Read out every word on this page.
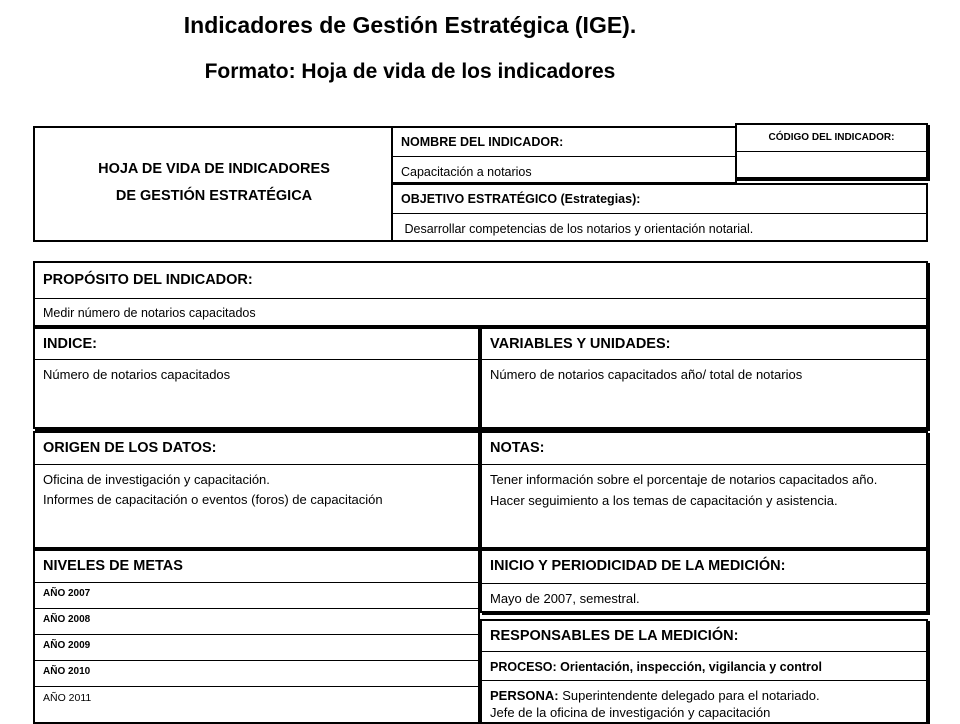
Indicadores de Gestión Estratégica (IGE).
Formato: Hoja de vida de los indicadores
HOJA DE VIDA DE INDICADORES
DE GESTIÓN ESTRATÉGICA
NOMBRE DEL INDICADOR:
Capacitación a notarios
CÓDIGO DEL INDICADOR:
OBJETIVO ESTRATÉGICO (Estrategias):
Desarrollar competencias de los notarios y orientación notarial.
PROPÓSITO DEL INDICADOR:
Medir número de notarios capacitados
INDICE:
Número de notarios capacitados
VARIABLES Y UNIDADES:
Número de notarios capacitados año/ total de notarios
ORIGEN DE LOS DATOS:

Oficina de investigación y capacitación.

Informes de capacitación o eventos (foros) de capacitación

NOTAS:

Tener información sobre el porcentaje de notarios capacitados año.

Hacer seguimiento a los temas de capacitación y asistencia.

NIVELES DE METAS
AÑO 2007
AÑO 2008
AÑO 2009
AÑO 2010
AÑO 2011
INICIO Y PERIODICIDAD DE LA MEDICIÓN:
Mayo de 2007, semestral.
RESPONSABLES DE LA MEDICIÓN:
PROCESO: Orientación, inspección, vigilancia y control

PERSONA: Superintendente delegado para el notariado.

Jefe de la oficina de investigación y capacitación
